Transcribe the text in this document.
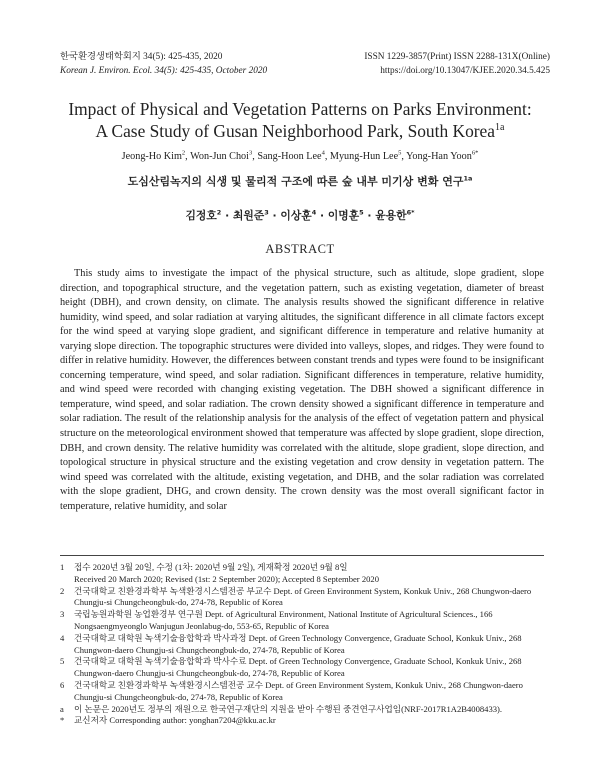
한국환경생태학회지 34(5): 425-435, 2020
Korean J. Environ. Ecol. 34(5): 425-435, October 2020
ISSN 1229-3857(Print) ISSN 2288-131X(Online)
https://doi.org/10.13047/KJEE.2020.34.5.425
Impact of Physical and Vegetation Patterns on Parks Environment:
A Case Study of Gusan Neighborhood Park, South Korea$^{1a}$
Jeong-Ho Kim$^2$, Won-Jun Choi$^3$, Sang-Hoon Lee$^4$, Myung-Hun Lee$^5$, Yong-Han Yoon$^{6*}$
도심산림녹지의 식생 및 물리적 구조에 따른 숲 내부 미기상 변화 연구$^{1a}$
김정호$^2$ · 최원준$^3$ · 이상훈$^4$ · 이명훈$^5$ · 윤용한$^{6*}$
ABSTRACT

This study aims to investigate the impact of the physical structure, such as altitude, slope gradient, slope direction, and topographical structure, and the vegetation pattern, such as existing vegetation, diameter of breast height (DBH), and crown density, on climate. The analysis results showed the significant difference in relative humidity, wind speed, and solar radiation at varying altitudes, the significant difference in all climate factors except for the wind speed at varying slope gradient, and significant difference in temperature and relative humanity at varying slope direction. The topographic structures were divided into valleys, slopes, and ridges. They were found to differ in relative humidity. However, the differences between constant trends and types were found to be insignificant concerning temperature, wind speed, and solar radiation. Significant differences in temperature, relative humidity, and wind speed were recorded with changing existing vegetation. The DBH showed a significant difference in temperature, wind speed, and solar radiation. The crown density showed a significant difference in temperature and solar radiation. The result of the relationship analysis for the analysis of the effect of vegetation pattern and physical structure on the meteorological environment showed that temperature was affected by slope gradient, slope direction, DBH, and crown density. The relative humidity was correlated with the altitude, slope gradient, slope direction, and topological structure in physical structure and the existing vegetation and crow density in vegetation pattern. The wind speed was correlated with the altitude, existing vegetation, and DHB, and the solar radiation was correlated with the slope gradient, DHG, and crown density. The crown density was the most overall significant factor in temperature, relative humidity, and solar

1 접수 2020년 3월 20일, 수정 (1차: 2020년 9월 2일), 게재확정 2020년 9월 8일
Received 20 March 2020; Revised (1st: 2 September 2020); Accepted 8 September 2020
2 건국대학교 친환경과학부 녹색환경시스템전공 부교수 Dept. of Green Environment System, Konkuk Univ., 268 Chungwon-daero
Chungju-si Chungcheongbuk-do, 274-78, Republic of Korea
3 국립농원과학원 농업환경부 연구원 Dept. of Agricultural Environment, National Institute of Agricultural Sciences., 166
Nongsaengmyeonglo Wanjugun Jeonlabug-do, 553-65, Republic of Korea
4 건국대학교 대학원 녹색기술융합학과 박사과정 Dept. of Green Technology Convergence, Graduate School, Konkuk Univ., 268
Chungwon-daero Chungju-si Chungcheongbuk-do, 274-78, Republic of Korea
5 건국대학교 대학원 녹색기술융합학과 박사수료 Dept. of Green Technology Convergence, Graduate School, Konkuk Univ., 268
Chungwon-daero Chungju-si Chungcheongbuk-do, 274-78, Republic of Korea
6 건국대학교 친환경과학부 녹색환경시스템전공 교수 Dept. of Green Environment System, Konkuk Univ., 268 Chungwon-daero
Chungju-si Chungcheongbuk-do, 274-78, Republic of Korea
a 이 논문은 2020년도 정부의 재원으로 한국연구재단의 지원을 받아 수행된 중견연구사업임(NRF-2017R1A2B4008433).
* 교신저자 Corresponding author: yonghan7204@kku.ac.kr
